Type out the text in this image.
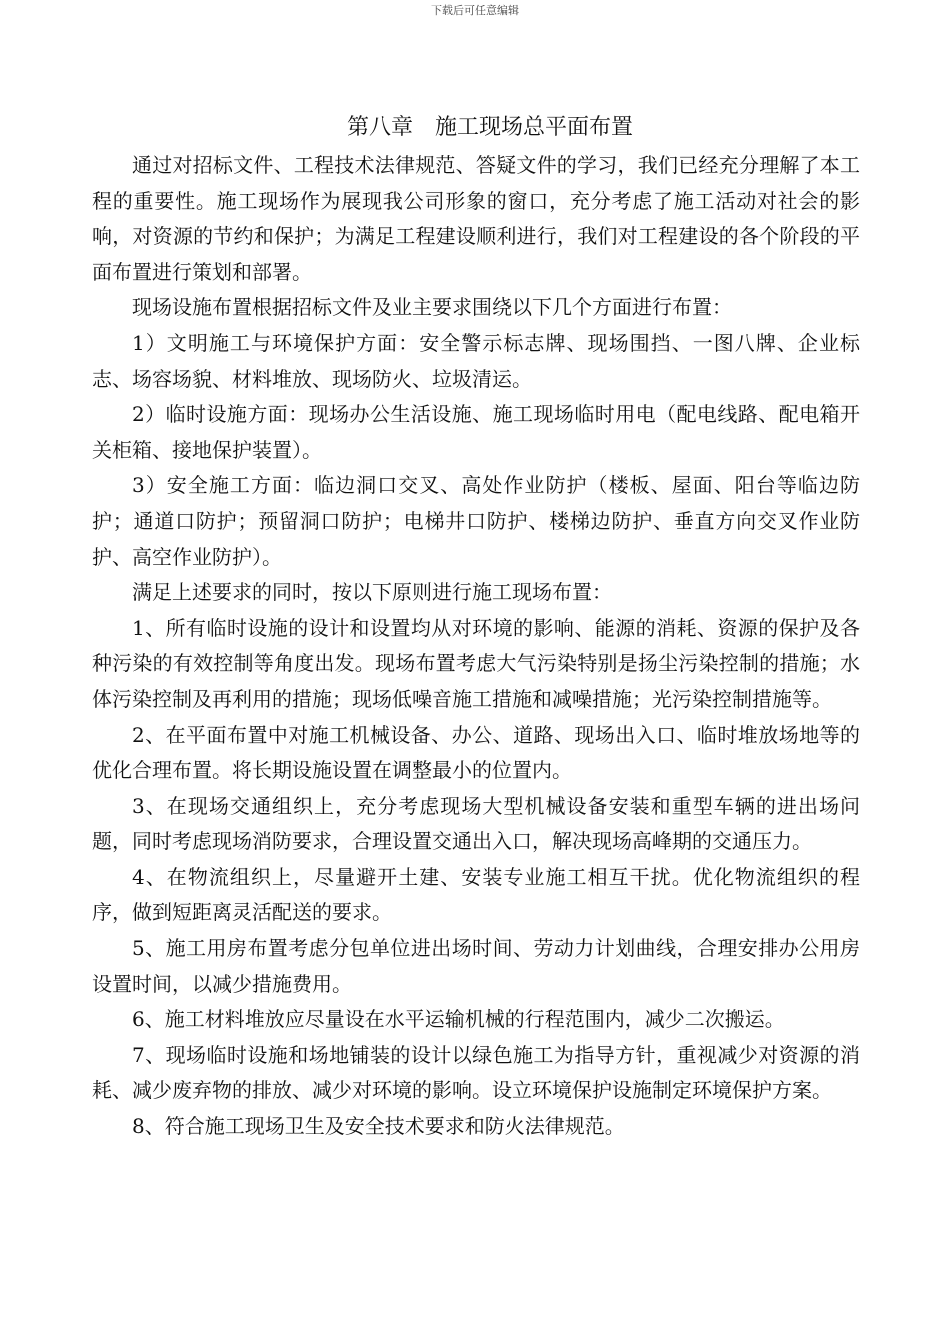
下载后可任意编辑
第八章　施工现场总平面布置

通过对招标文件、工程技术法律规范、答疑文件的学习，我们已经充分理解了本工程的重要性。施工现场作为展现我公司形象的窗口，充分考虑了施工活动对社会的影响，对资源的节约和保护；为满足工程建设顺利进行，我们对工程建设的各个阶段的平面布置进行策划和部署。

现场设施布置根据招标文件及业主要求围绕以下几个方面进行布置：

1）文明施工与环境保护方面：安全警示标志牌、现场围挡、一图八牌、企业标志、场容场貌、材料堆放、现场防火、垃圾清运。

2）临时设施方面：现场办公生活设施、施工现场临时用电（配电线路、配电箱开关柜箱、接地保护装置）。

3）安全施工方面：临边洞口交叉、高处作业防护（楼板、屋面、阳台等临边防护；通道口防护；预留洞口防护；电梯井口防护、楼梯边防护、垂直方向交叉作业防护、高空作业防护）。

满足上述要求的同时，按以下原则进行施工现场布置：

1、所有临时设施的设计和设置均从对环境的影响、能源的消耗、资源的保护及各种污染的有效控制等角度出发。现场布置考虑大气污染特别是扬尘污染控制的措施；水体污染控制及再利用的措施；现场低噪音施工措施和减噪措施；光污染控制措施等。

2、在平面布置中对施工机械设备、办公、道路、现场出入口、临时堆放场地等的优化合理布置。将长期设施设置在调整最小的位置内。

3、在现场交通组织上，充分考虑现场大型机械设备安装和重型车辆的进出场问题，同时考虑现场消防要求，合理设置交通出入口，解决现场高峰期的交通压力。

4、在物流组织上，尽量避开土建、安装专业施工相互干扰。优化物流组织的程序，做到短距离灵活配送的要求。

5、施工用房布置考虑分包单位进出场时间、劳动力计划曲线，合理安排办公用房设置时间，以减少措施费用。

6、施工材料堆放应尽量设在水平运输机械的行程范围内，减少二次搬运。

7、现场临时设施和场地铺装的设计以绿色施工为指导方针，重视减少对资源的消耗、减少废弃物的排放、减少对环境的影响。设立环境保护设施制定环境保护方案。

8、符合施工现场卫生及安全技术要求和防火法律规范。
